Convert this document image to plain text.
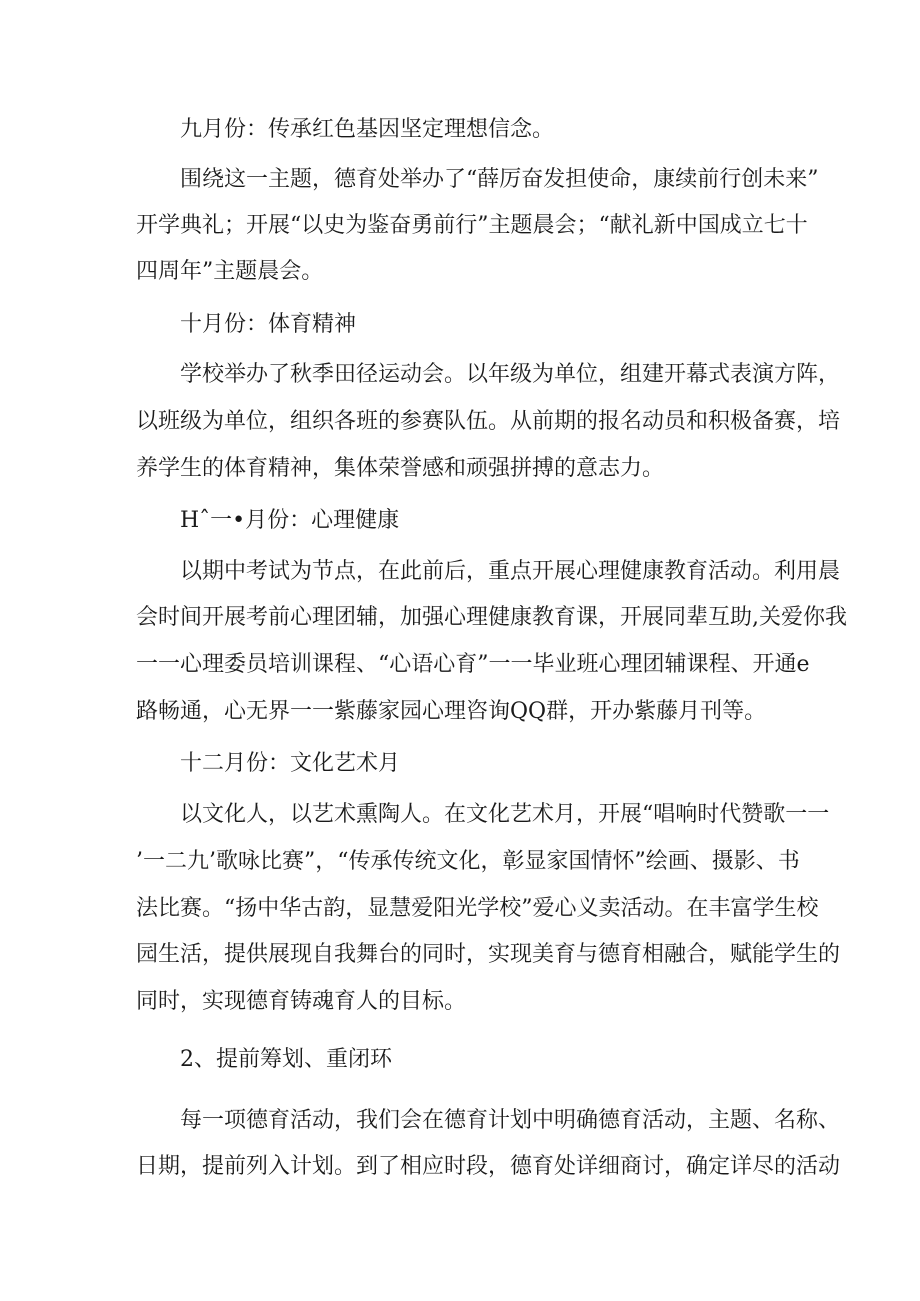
九月份：传承红色基因坚定理想信念。
围绕这一主题，德育处举办了“薛厉奋发担使命，康续前行创未来”
开学典礼；开展“以史为鉴奋勇前行”主题晨会；“献礼新中国成立七十
四周年”主题晨会。
十月份：体育精神
学校举办了秋季田径运动会。以年级为单位，组建开幕式表演方阵，
以班级为单位，组织各班的参赛队伍。从前期的报名动员和积极备赛，培
养学生的体育精神，集体荣誉感和顽强拼搏的意志力。
Hˆ一•月份：心理健康
以期中考试为节点，在此前后，重点开展心理健康教育活动。利用晨
会时间开展考前心理团辅，加强心理健康教育课，开展同辈互助,关爱你我
一一心理委员培训课程、“心语心育”一一毕业班心理团辅课程、开通e
路畅通，心无界一一紫藤家园心理咨询QQ群，开办紫藤月刊等。
十二月份：文化艺术月
以文化人，以艺术熏陶人。在文化艺术月，开展“唱响时代赞歌一一
’一二九’歌咏比赛”，“传承传统文化，彰显家国情怀”绘画、摄影、书
法比赛。“扬中华古韵，显慧爱阳光学校”爱心义卖活动。在丰富学生校
园生活，提供展现自我舞台的同时，实现美育与德育相融合，赋能学生的
同时，实现德育铸魂育人的目标。
2、提前筹划、重闭环
每一项德育活动，我们会在德育计划中明确德育活动，主题、名称、
日期，提前列入计划。到了相应时段，德育处详细商讨，确定详尽的活动
